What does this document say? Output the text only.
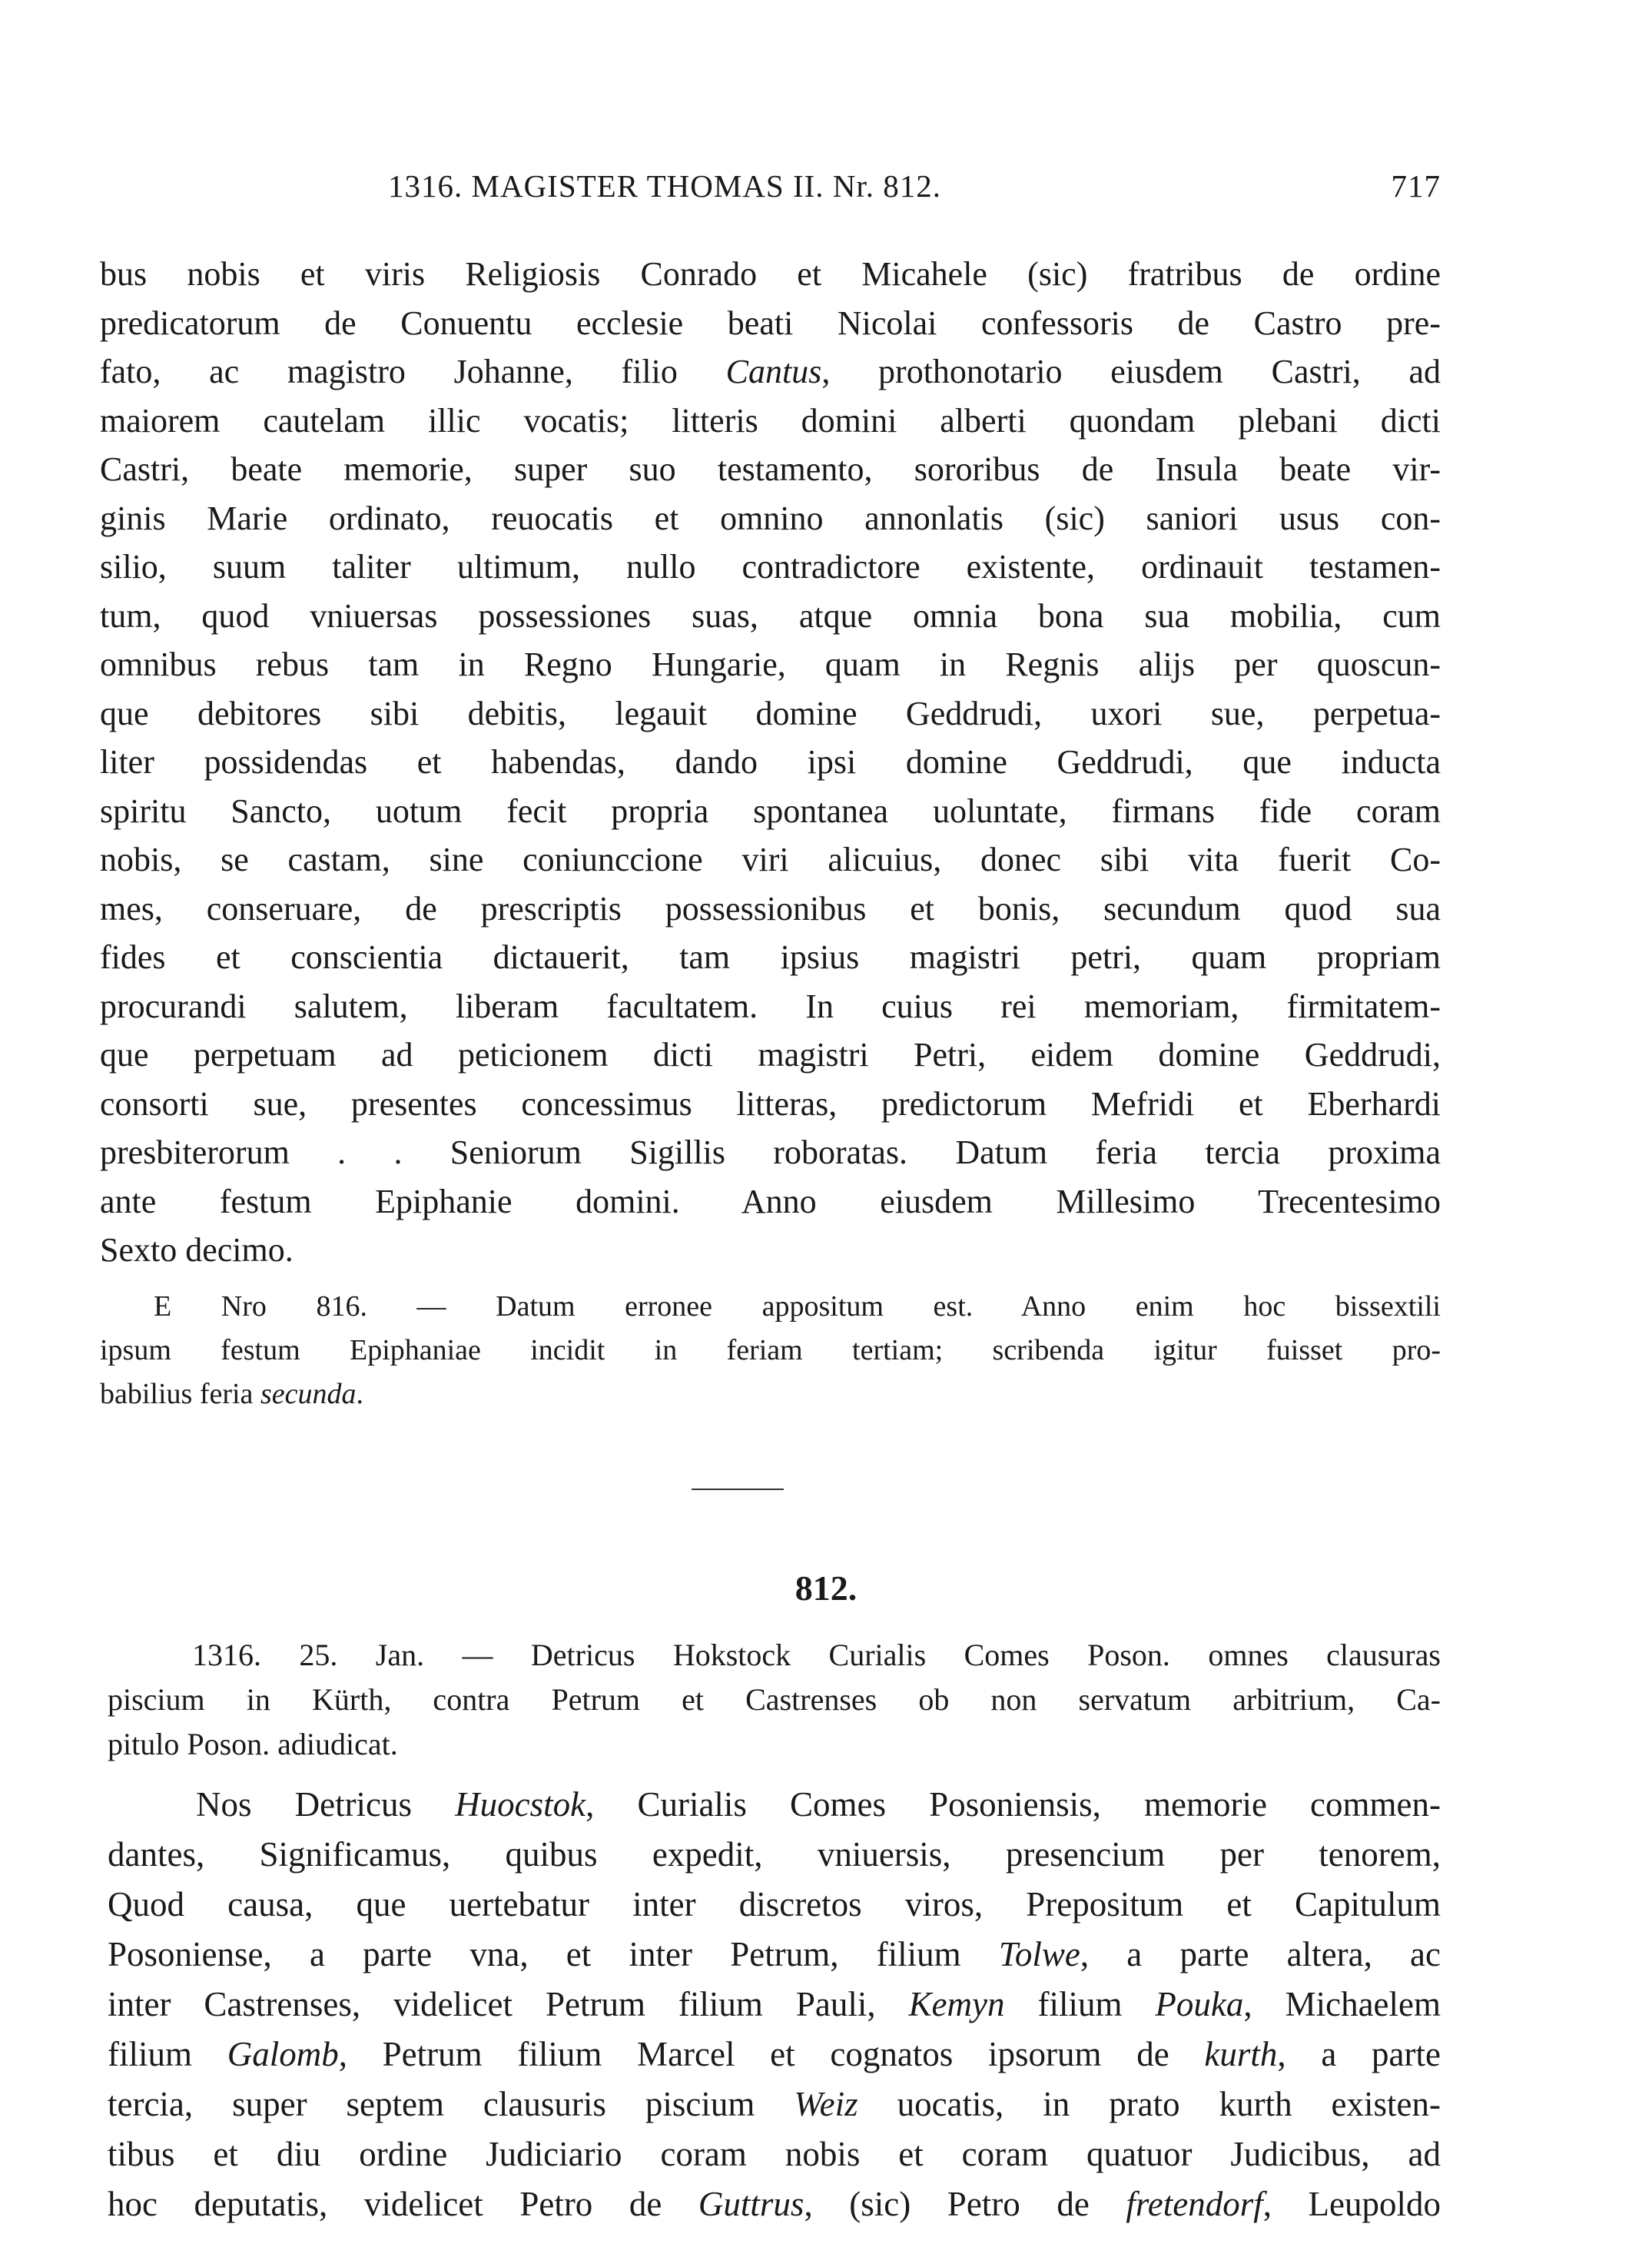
1316. MAGISTER THOMAS II. Nr. 812.	717
bus nobis et viris Religiosis Conrado et Micahele (sic) fratribus de ordine
predicatorum de Conuentu ecclesie beati Nicolai confessoris de Castro pre-
fato, ac magistro Johanne, filio Cantus, prothonotario eiusdem Castri, ad
maiorem cautelam illic vocatis; litteris domini alberti quondam plebani dicti
Castri, beate memorie, super suo testamento, sororibus de Insula beate vir-
ginis Marie ordinato, reuocatis et omnino annonlatis (sic) saniori usus con-
silio, suum taliter ultimum, nullo contradictore existente, ordinauit testamen-
tum, quod vniuersas possessiones suas, atque omnia bona sua mobilia, cum
omnibus rebus tam in Regno Hungarie, quam in Regnis alijs per quoscun-
que debitores sibi debitis, legauit domine Geddrudi, uxori sue, perpetua-
liter possidendas et habendas, dando ipsi domine Geddrudi, que inducta
spiritu Sancto, uotum fecit propria spontanea uoluntate, firmans fide coram
nobis, se castam, sine coniunccione viri alicuius, donec sibi vita fuerit Co-
mes, conseruare, de prescriptis possessionibus et bonis, secundum quod sua
fides et conscientia dictauerit, tam ipsius magistri petri, quam propriam
procurandi salutem, liberam facultatem. In cuius rei memoriam, firmitatem-
que perpetuam ad peticionem dicti magistri Petri, eidem domine Geddrudi,
consorti sue, presentes concessimus litteras, predictorum Mefridi et Eberhardi
presbiterorum . . Seniorum Sigillis roboratas. Datum feria tercia proxima
ante festum Epiphanie domini. Anno eiusdem Millesimo Trecentesimo
Sexto decimo.
E Nro 816. — Datum erronee appositum est. Anno enim hoc bissextili
ipsum festum Epiphaniae incidit in feriam tertiam; scribenda igitur fuisset pro-
babilius feria secunda.
812.
1316. 25. Jan. — Detricus Hokstock Curialis Comes Poson. omnes clausuras
piscium in Kürth, contra Petrum et Castrenses ob non servatum arbitrium, Ca-
pitulo Poson. adiudicat.
Nos Detricus Huocstok, Curialis Comes Posoniensis, memorie commen-
dantes, Significamus, quibus expedit, vniuersis, presencium per tenorem,
Quod causa, que uertebatur inter discretos viros, Prepositum et Capitulum
Posoniense, a parte vna, et inter Petrum, filium Tolwe, a parte altera, ac
inter Castrenses, videlicet Petrum filium Pauli, Kemyn filium Pouka, Michaelem
filium Galomb, Petrum filium Marcel et cognatos ipsorum de kurth, a parte
tercia, super septem clausuris piscium Weiz uocatis, in prato kurth existen-
tibus et diu ordine Judiciario coram nobis et coram quatuor Judicibus, ad
hoc deputatis, videlicet Petro de Guttrus, (sic) Petro de fretendorf, Leupoldo
